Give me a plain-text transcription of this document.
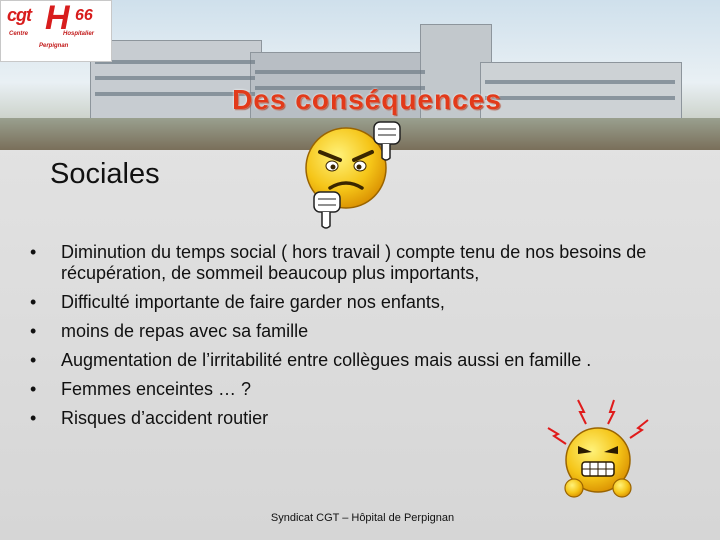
cgt H 66
Centre	Hospitalier
Perpignan
Des conséquences
Sociales
• Diminution du temps social ( hors travail ) compte tenu de nos besoins de récupération, de sommeil beaucoup plus importants,
• Difficulté importante de faire garder nos enfants,
• moins de repas avec sa famille
• Augmentation de l’irritabilité entre collègues mais aussi en famille .
• Femmes enceintes … ?
• Risques d’accident routier
Syndicat CGT – Hôpital de Perpignan
